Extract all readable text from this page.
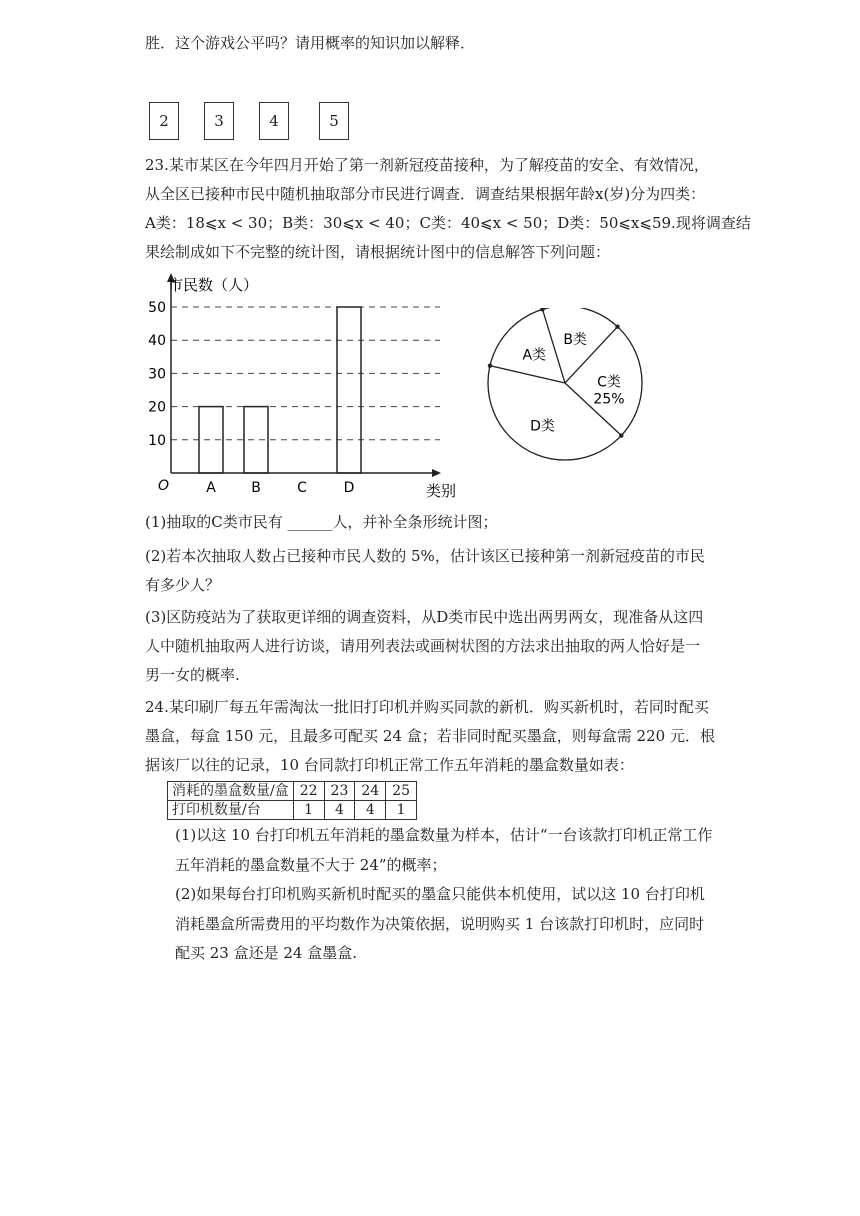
胜．这个游戏公平吗？请用概率的知识加以解释．
2	3	4	5
23.某市某区在今年四月开始了第一剂新冠疫苗接种，为了解疫苗的安全、有效情况，
从全区已接种市民中随机抽取部分市民进行调查．调查结果根据年龄x(岁)分为四类：
A类：18⩽x < 30；B类：30⩽x < 40；C类：40⩽x < 50；D类：50⩽x⩽59.现将调查结
果绘制成如下不完整的统计图，请根据统计图中的信息解答下列问题：
10
20
30
40
50
A	B	C	D
市民数（人）
类别
O
A类
B类
C类
25%
D类
(1)抽取的C类市民有 ______人，并补全条形统计图；
(2)若本次抽取人数占已接种市民人数的 5%，估计该区已接种第一剂新冠疫苗的市民
有多少人？
(3)区防疫站为了获取更详细的调查资料，从D类市民中选出两男两女，现准备从这四
人中随机抽取两人进行访谈，请用列表法或画树状图的方法求出抽取的两人恰好是一
男一女的概率.
24.某印刷厂每五年需淘汰一批旧打印机并购买同款的新机．购买新机时，若同时配买
墨盒，每盒 150 元，且最多可配买 24 盒；若非同时配买墨盒，则每盒需 220 元．根
据该厂以往的记录，10 台同款打印机正常工作五年消耗的墨盒数量如表：
消耗的墨盒数量/盒	22	23	24	25
打印机数量/台	1	4	4	1
(1)以这 10 台打印机五年消耗的墨盒数量为样本，估计“一台该款打印机正常工作
五年消耗的墨盒数量不大于 24”的概率；
(2)如果每台打印机购买新机时配买的墨盒只能供本机使用，试以这 10 台打印机
消耗墨盒所需费用的平均数作为决策依据，说明购买 1 台该款打印机时，应同时
配买 23 盒还是 24 盒墨盒.
